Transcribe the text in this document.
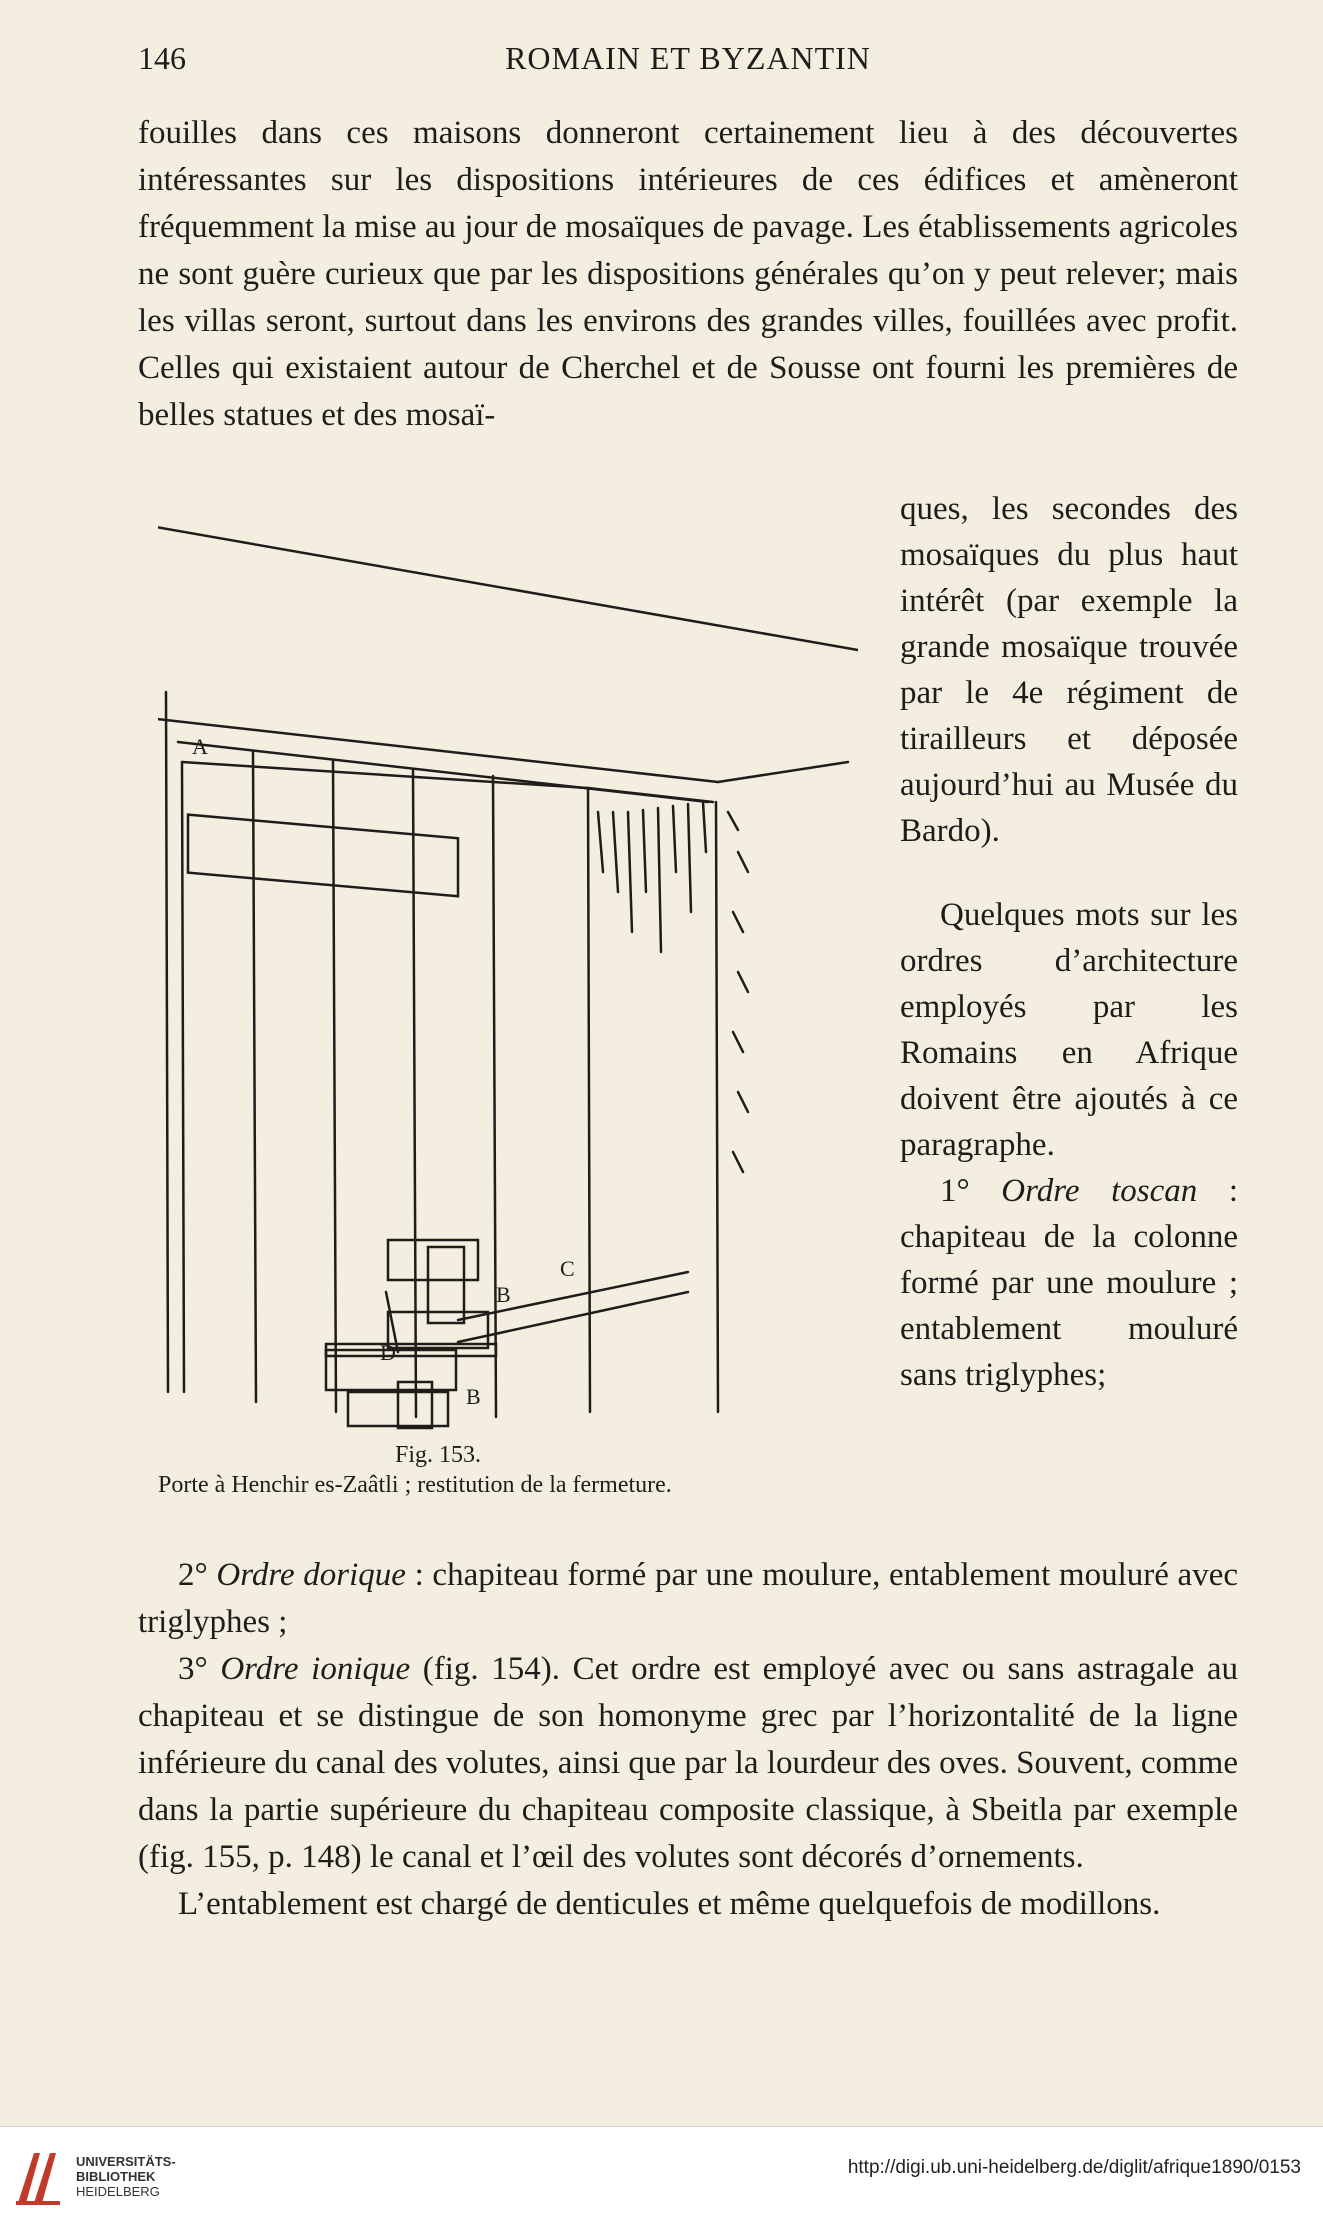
146	ROMAIN ET BYZANTIN

fouilles dans ces maisons donneront certainement lieu à des découvertes intéressantes sur les dispositions intérieures de ces édifices et amèneront fréquemment la mise au jour de mosaïques de pavage. Les établissements agricoles ne sont guère curieux que par les dispositions générales qu’on y peut relever; mais les villas seront, surtout dans les environs des grandes villes, fouillées avec profit. Celles qui existaient autour de Cherchel et de Sousse ont fourni les premières de belles statues et des mosaï-

A
B
C
D
B
Fig. 153.
Porte à Henchir es-Zaâtli ; restitution de la fermeture.

ques, les secondes des mosaïques du plus haut intérêt (par exemple la grande mosaïque trouvée par le 4e régiment de tirailleurs et déposée aujourd’hui au Musée du Bardo).

Quelques mots sur les ordres d’architecture employés par les Romains en Afrique doivent être ajoutés à ce paragraphe.

1° Ordre toscan : chapiteau de la colonne formé par une moulure ; entablement mouluré sans triglyphes;

2° Ordre dorique : chapiteau formé par une moulure, entablement mouluré avec triglyphes ;

3° Ordre ionique (fig. 154). Cet ordre est employé avec ou sans astragale au chapiteau et se distingue de son homonyme grec par l’horizontalité de la ligne inférieure du canal des volutes, ainsi que par la lourdeur des oves. Souvent, comme dans la partie supérieure du chapiteau composite classique, à Sbeitla par exemple (fig. 155, p. 148) le canal et l’œil des volutes sont décorés d’ornements.

L’entablement est chargé de denticules et même quelquefois de modillons.

UNIVERSITÄTS-
BIBLIOTHEK
HEIDELBERG
http://digi.ub.uni-heidelberg.de/diglit/afrique1890/0153
